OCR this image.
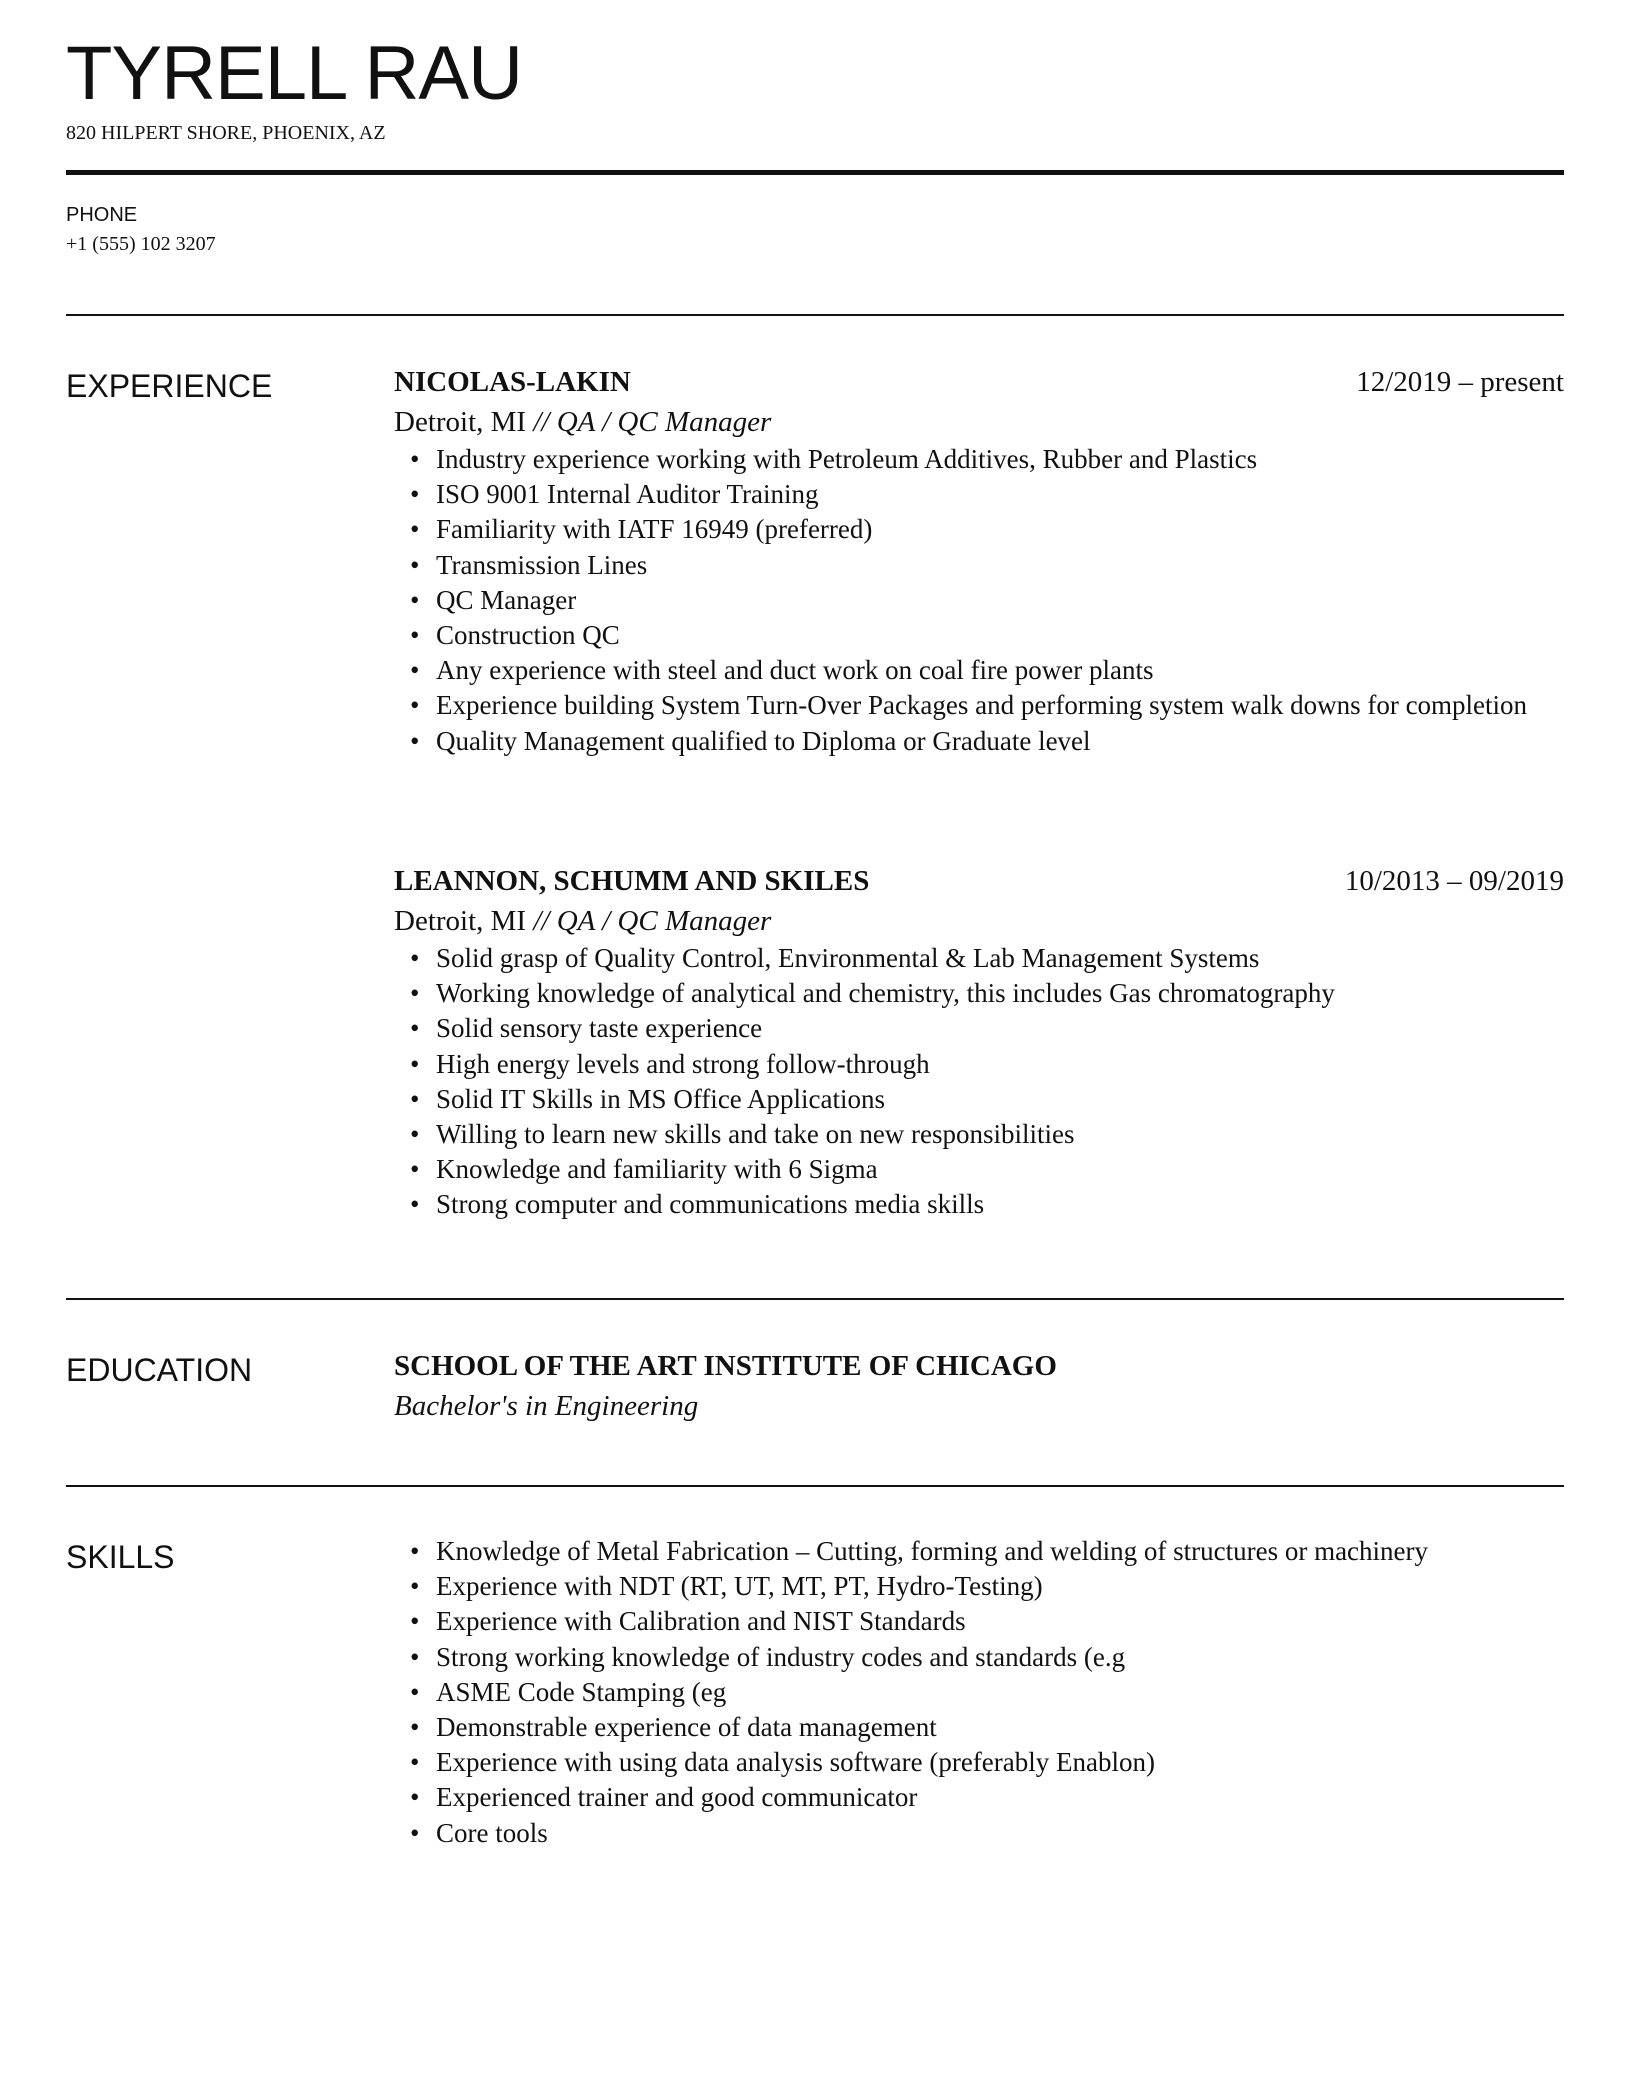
TYRELL RAU
820 HILPERT SHORE, PHOENIX, AZ
PHONE
+1 (555) 102 3207
EXPERIENCE	NICOLAS-LAKIN	12/2019 – present
Detroit, MI // QA / QC Manager
• Industry experience working with Petroleum Additives, Rubber and Plastics
• ISO 9001 Internal Auditor Training
• Familiarity with IATF 16949 (preferred)
• Transmission Lines
• QC Manager
• Construction QC
• Any experience with steel and duct work on coal fire power plants
• Experience building System Turn-Over Packages and performing system walk downs for completion
• Quality Management qualified to Diploma or Graduate level
LEANNON, SCHUMM AND SKILES	10/2013 – 09/2019
Detroit, MI // QA / QC Manager
• Solid grasp of Quality Control, Environmental & Lab Management Systems
• Working knowledge of analytical and chemistry, this includes Gas chromatography
• Solid sensory taste experience
• High energy levels and strong follow-through
• Solid IT Skills in MS Office Applications
• Willing to learn new skills and take on new responsibilities
• Knowledge and familiarity with 6 Sigma
• Strong computer and communications media skills
EDUCATION	SCHOOL OF THE ART INSTITUTE OF CHICAGO
Bachelor's in Engineering
SKILLS
•	Knowledge of Metal Fabrication – Cutting, forming and welding of structures or machinery
• Experience with NDT (RT, UT, MT, PT, Hydro-Testing)
• Experience with Calibration and NIST Standards
• Strong working knowledge of industry codes and standards (e.g
• ASME Code Stamping (eg
• Demonstrable experience of data management
• Experience with using data analysis software (preferably Enablon)
• Experienced trainer and good communicator
• Core tools
